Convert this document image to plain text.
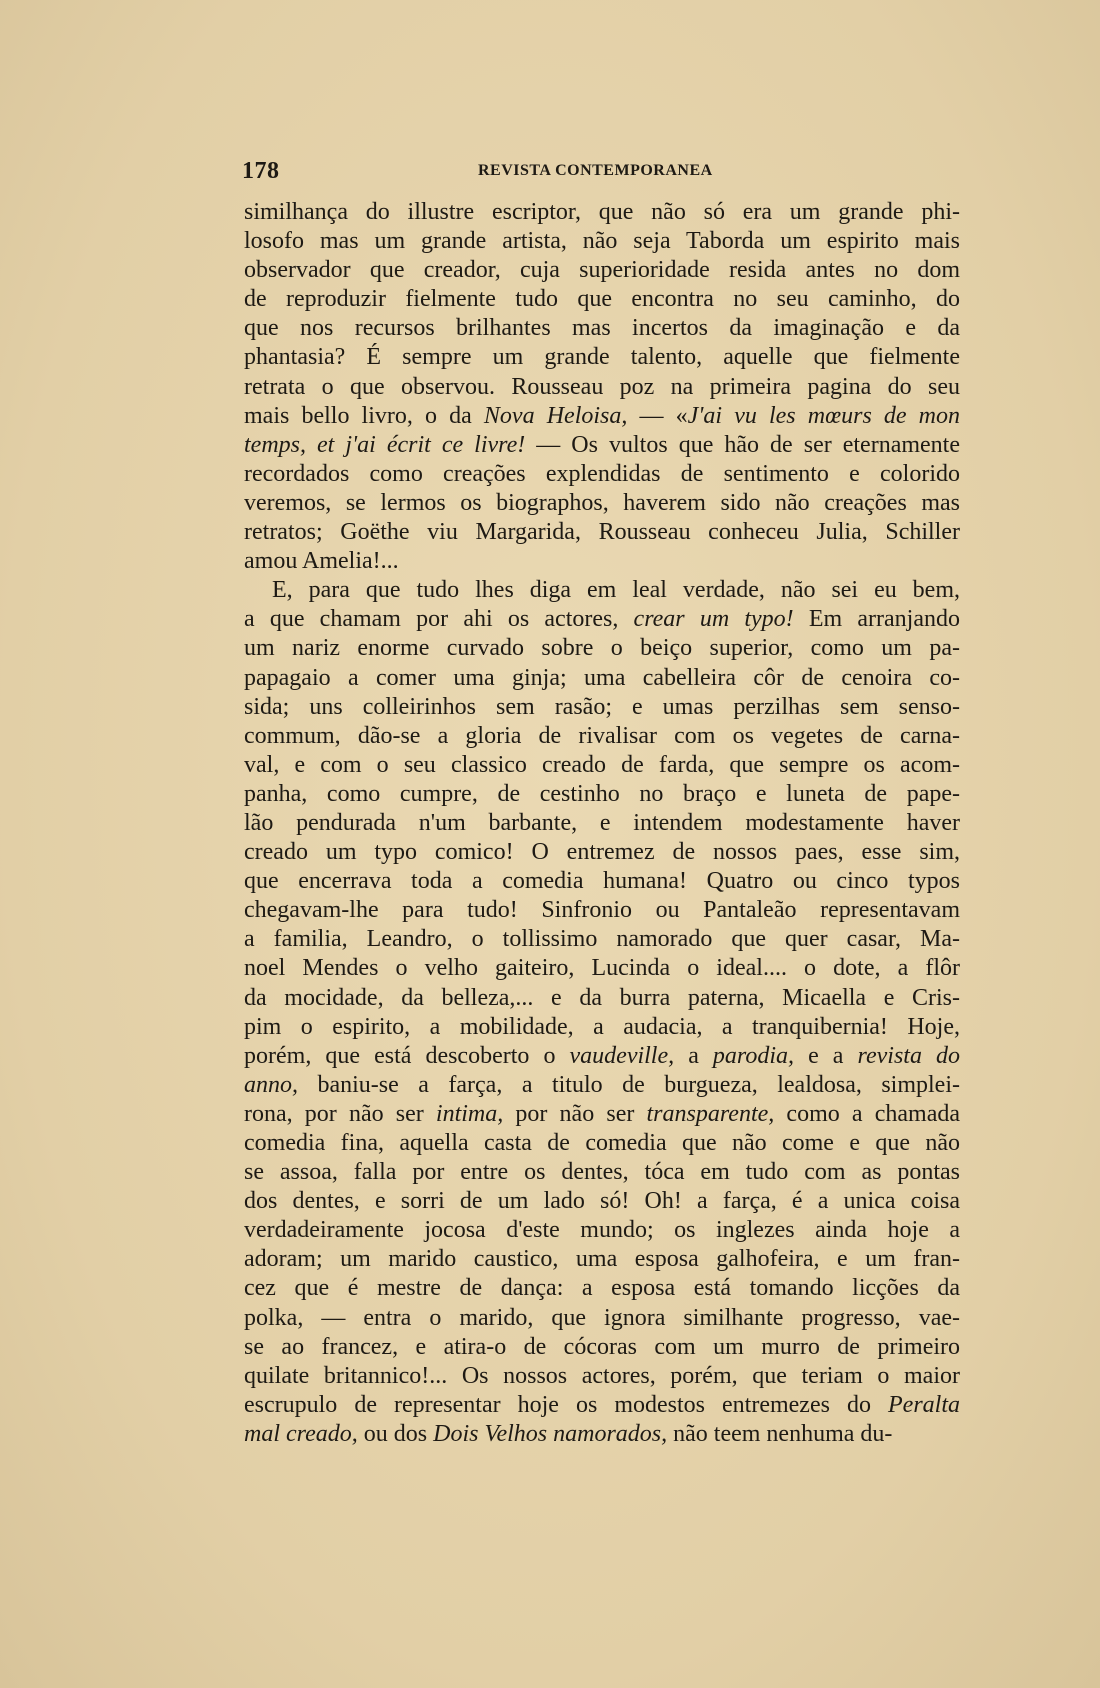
178	REVISTA CONTEMPORANEA
similhança do illustre escriptor, que não só era um grande phi-
losofo mas um grande artista, não seja Taborda um espirito mais
observador que creador, cuja superioridade resida antes no dom
de reproduzir fielmente tudo que encontra no seu caminho, do
que nos recursos brilhantes mas incertos da imaginação e da
phantasia? É sempre um grande talento, aquelle que fielmente
retrata o que observou. Rousseau poz na primeira pagina do seu
mais bello livro, o da Nova Heloisa, — «J'ai vu les mœurs de mon
temps, et j'ai écrit ce livre! — Os vultos que hão de ser eternamente
recordados como creações explendidas de sentimento e colorido
veremos, se lermos os biographos, haverem sido não creações mas
retratos; Goëthe viu Margarida, Rousseau conheceu Julia, Schiller
amou Amelia!...
E, para que tudo lhes diga em leal verdade, não sei eu bem,
a que chamam por ahi os actores, crear um typo! Em arranjando
um nariz enorme curvado sobre o beiço superior, como um pa-
papagaio a comer uma ginja; uma cabelleira côr de cenoira co-
sida; uns colleirinhos sem rasão; e umas perzilhas sem senso-
commum, dão-se a gloria de rivalisar com os vegetes de carna-
val, e com o seu classico creado de farda, que sempre os acom-
panha, como cumpre, de cestinho no braço e luneta de pape-
lão pendurada n'um barbante, e intendem modestamente haver
creado um typo comico! O entremez de nossos paes, esse sim,
que encerrava toda a comedia humana! Quatro ou cinco typos
chegavam-lhe para tudo! Sinfronio ou Pantaleão representavam
a familia, Leandro, o tollissimo namorado que quer casar, Ma-
noel Mendes o velho gaiteiro, Lucinda o ideal.... o dote, a flôr
da mocidade, da belleza,... e da burra paterna, Micaella e Cris-
pim o espirito, a mobilidade, a audacia, a tranquibernia! Hoje,
porém, que está descoberto o vaudeville, a parodia, e a revista do
anno, baniu-se a farça, a titulo de burgueza, lealdosa, simplei-
rona, por não ser intima, por não ser transparente, como a chamada
comedia fina, aquella casta de comedia que não come e que não
se assoa, falla por entre os dentes, tóca em tudo com as pontas
dos dentes, e sorri de um lado só! Oh! a farça, é a unica coisa
verdadeiramente jocosa d'este mundo; os inglezes ainda hoje a
adoram; um marido caustico, uma esposa galhofeira, e um fran-
cez que é mestre de dança: a esposa está tomando licções da
polka, — entra o marido, que ignora similhante progresso, vae-
se ao francez, e atira-o de cócoras com um murro de primeiro
quilate britannico!... Os nossos actores, porém, que teriam o maior
escrupulo de representar hoje os modestos entremezes do Peralta
mal creado, ou dos Dois Velhos namorados, não teem nenhuma du-
